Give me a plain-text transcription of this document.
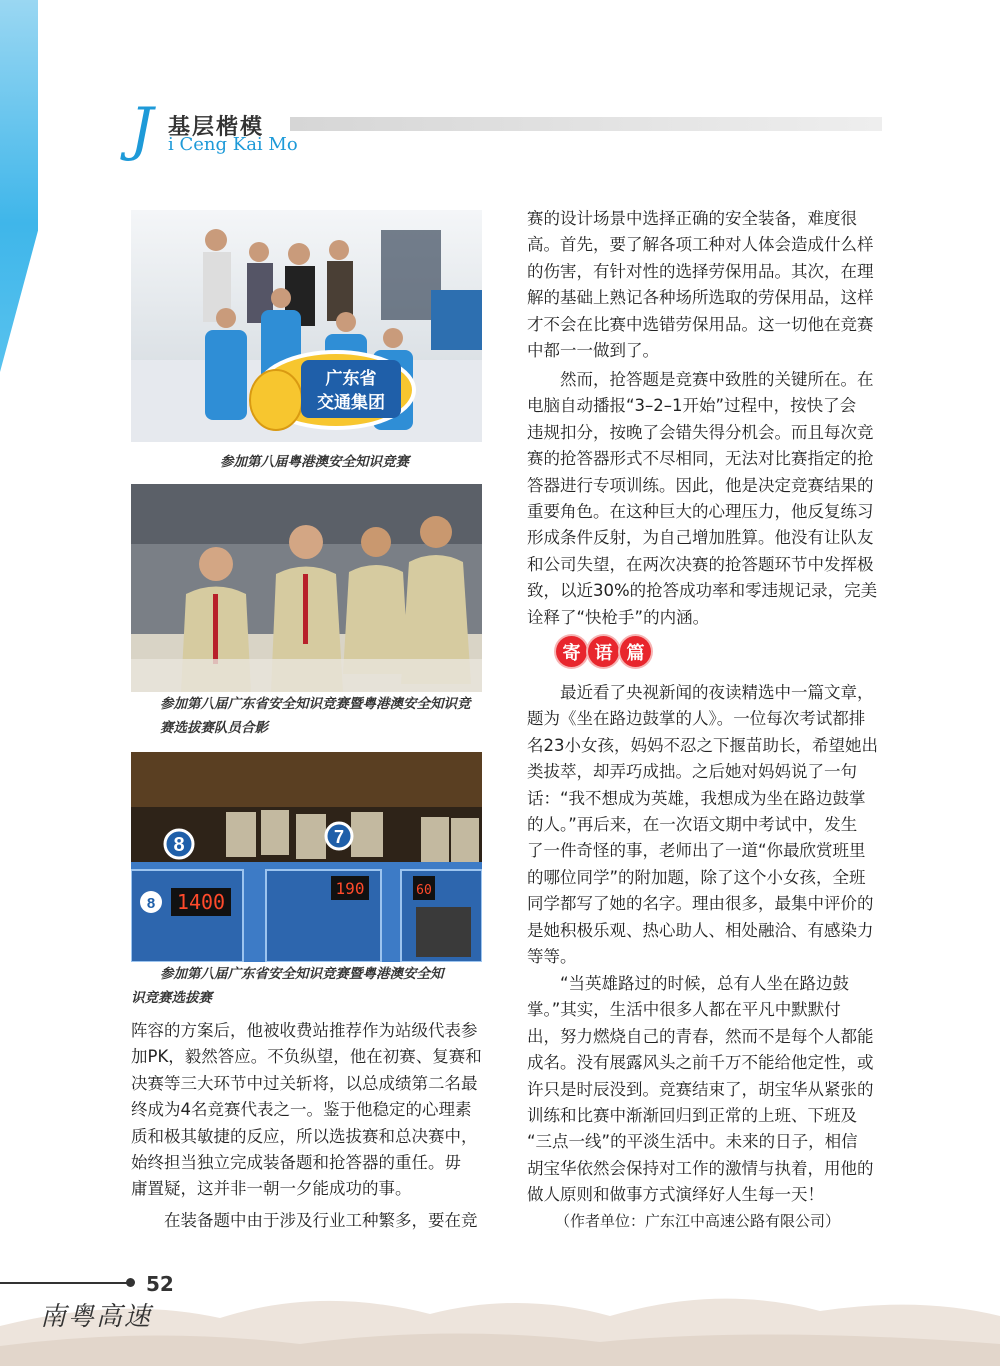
J 基层楷模
i Ceng Kai Mo
广东省
交通集团
参加第八届粤港澳安全知识竞赛
参加第八届广东省安全知识竞赛暨粤港澳安全知识竞赛选拔赛队员合影
8	7
8 1400
190	60
参加第八届广东省安全知识竞赛暨粤港澳安全知
识竞赛选拔赛
阵容的方案后，他被收费站推荐作为站级代表参
加PK，毅然答应。不负纵望，他在初赛、复赛和
决赛等三大环节中过关斩将，以总成绩第二名最
终成为4名竞赛代表之一。鉴于他稳定的心理素
质和极其敏捷的反应，所以选拔赛和总决赛中，
始终担当独立完成装备题和抢答器的重任。毋
庸置疑，这并非一朝一夕能成功的事。
在装备题中由于涉及行业工种繁多，要在竞
赛的设计场景中选择正确的安全装备，难度很
高。首先，要了解各项工种对人体会造成什么样
的伤害，有针对性的选择劳保用品。其次，在理
解的基础上熟记各种场所选取的劳保用品，这样
才不会在比赛中选错劳保用品。这一切他在竞赛
中都一一做到了。
然而，抢答题是竞赛中致胜的关键所在。在
电脑自动播报“3–2–1开始”过程中，按快了会
违规扣分，按晚了会错失得分机会。而且每次竞
赛的抢答器形式不尽相同，无法对比赛指定的抢
答器进行专项训练。因此，他是决定竞赛结果的
重要角色。在这种巨大的心理压力，他反复练习
形成条件反射，为自己增加胜算。他没有让队友
和公司失望，在两次决赛的抢答题环节中发挥极
致，以近30%的抢答成功率和零违规记录，完美
诠释了“快枪手”的内涵。
寄 语 篇
最近看了央视新闻的夜读精选中一篇文章，
题为《坐在路边鼓掌的人》。一位每次考试都排
名23小女孩，妈妈不忍之下揠苗助长，希望她出
类拔萃，却弄巧成拙。之后她对妈妈说了一句
话：“我不想成为英雄，我想成为坐在路边鼓掌
的人。”再后来，在一次语文期中考试中，发生
了一件奇怪的事，老师出了一道“你最欣赏班里
的哪位同学”的附加题，除了这个小女孩，全班
同学都写了她的名字。理由很多，最集中评价的
是她积极乐观、热心助人、相处融洽、有感染力
等等。
“当英雄路过的时候，总有人坐在路边鼓
掌。”其实，生活中很多人都在平凡中默默付
出，努力燃烧自己的青春，然而不是每个人都能
成名。没有展露风头之前千万不能给他定性，或
许只是时辰没到。竞赛结束了，胡宝华从紧张的
训练和比赛中渐渐回归到正常的上班、下班及
“三点一线”的平淡生活中。未来的日子，相信
胡宝华依然会保持对工作的激情与执着，用他的
做人原则和做事方式演绎好人生每一天！
（作者单位：广东江中高速公路有限公司）
52
南粤高速
